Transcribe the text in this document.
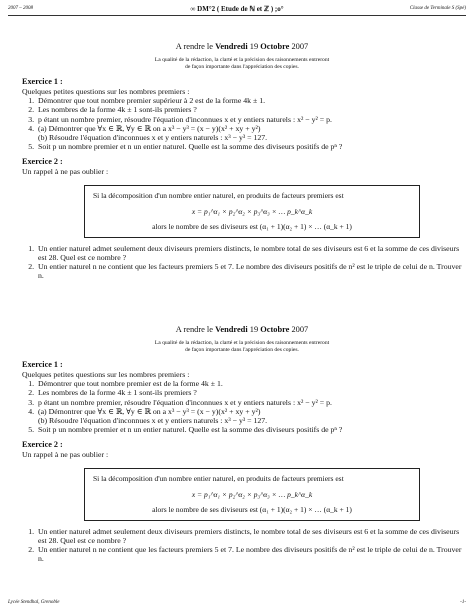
2007 – 2008	∞ DM°2 ( Etude de ℕ et ℤ ) ;o°	Classe de Terminale S (Spé)
A rendre le Vendredi 19 Octobre 2007
La qualité de la rédaction, la clarté et la précision des raisonnements entreront
de façon importante dans l'appréciation des copies.
Exercice 1 :
Quelques petites questions sur les nombres premiers :
1. Démontrer que tout nombre premier supérieur à 2 est de la forme 4k ± 1.
2. Les nombres de la forme 4k ± 1 sont-ils premiers ?
3. p étant un nombre premier, résoudre l'équation d'inconnues x et y entiers naturels : x² − y² = p.
4. (a) Démontrer que ∀x ∈ ℝ, ∀y ∈ ℝ on a x³ − y³ = (x − y)(x² + xy + y²)
(b) Résoudre l'équation d'inconnues x et y entiers naturels : x³ − y³ = 127.
5. Soit p un nombre premier et n un entier naturel. Quelle est la somme des diviseurs positifs de pⁿ ?
Exercice 2 :
Un rappel à ne pas oublier :
Si la décomposition d'un nombre entier naturel, en produits de facteurs premiers est
x = p₁^α₁ × p₂^α₂ × p₃^α₃ × … p_k^α_k
alors le nombre de ses diviseurs est (α₁ + 1)(α₂ + 1) × … (α_k + 1)
1. Un entier naturel admet seulement deux diviseurs premiers distincts, le nombre total de ses diviseurs est 6 et la somme de ces diviseurs est 28. Quel est ce nombre ?
2. Un entier naturel n ne contient que les facteurs premiers 5 et 7. Le nombre des diviseurs positifs de n² est le triple de celui de n. Trouver n.
A rendre le Vendredi 19 Octobre 2007
La qualité de la rédaction, la clarté et la précision des raisonnements entreront
de façon importante dans l'appréciation des copies.
Exercice 1 :
Quelques petites questions sur les nombres premiers :
1. Démontrer que tout nombre premier est de la forme 4k ± 1.
2. Les nombres de la forme 4k ± 1 sont-ils premiers ?
3. p étant un nombre premier, résoudre l'équation d'inconnues x et y entiers naturels : x² − y² = p.
4. (a) Démontrer que ∀x ∈ ℝ, ∀y ∈ ℝ on a x³ − y³ = (x − y)(x² + xy + y²)
(b) Résoudre l'équation d'inconnues x et y entiers naturels : x³ − y³ = 127.
5. Soit p un nombre premier et n un entier naturel. Quelle est la somme des diviseurs positifs de pⁿ ?
Exercice 2 :
Un rappel à ne pas oublier :
Si la décomposition d'un nombre entier naturel, en produits de facteurs premiers est
x = p₁^α₁ × p₂^α₂ × p₃^α₃ × … p_k^α_k
alors le nombre de ses diviseurs est (α₁ + 1)(α₂ + 1) × … (α_k + 1)
1. Un entier naturel admet seulement deux diviseurs premiers distincts, le nombre total de ses diviseurs est 6 et la somme de ces diviseurs est 28. Quel est ce nombre ?
2. Un entier naturel n ne contient que les facteurs premiers 5 et 7. Le nombre des diviseurs positifs de n² est le triple de celui de n. Trouver n.
Lycée Stendhal, Grenoble	-1-
